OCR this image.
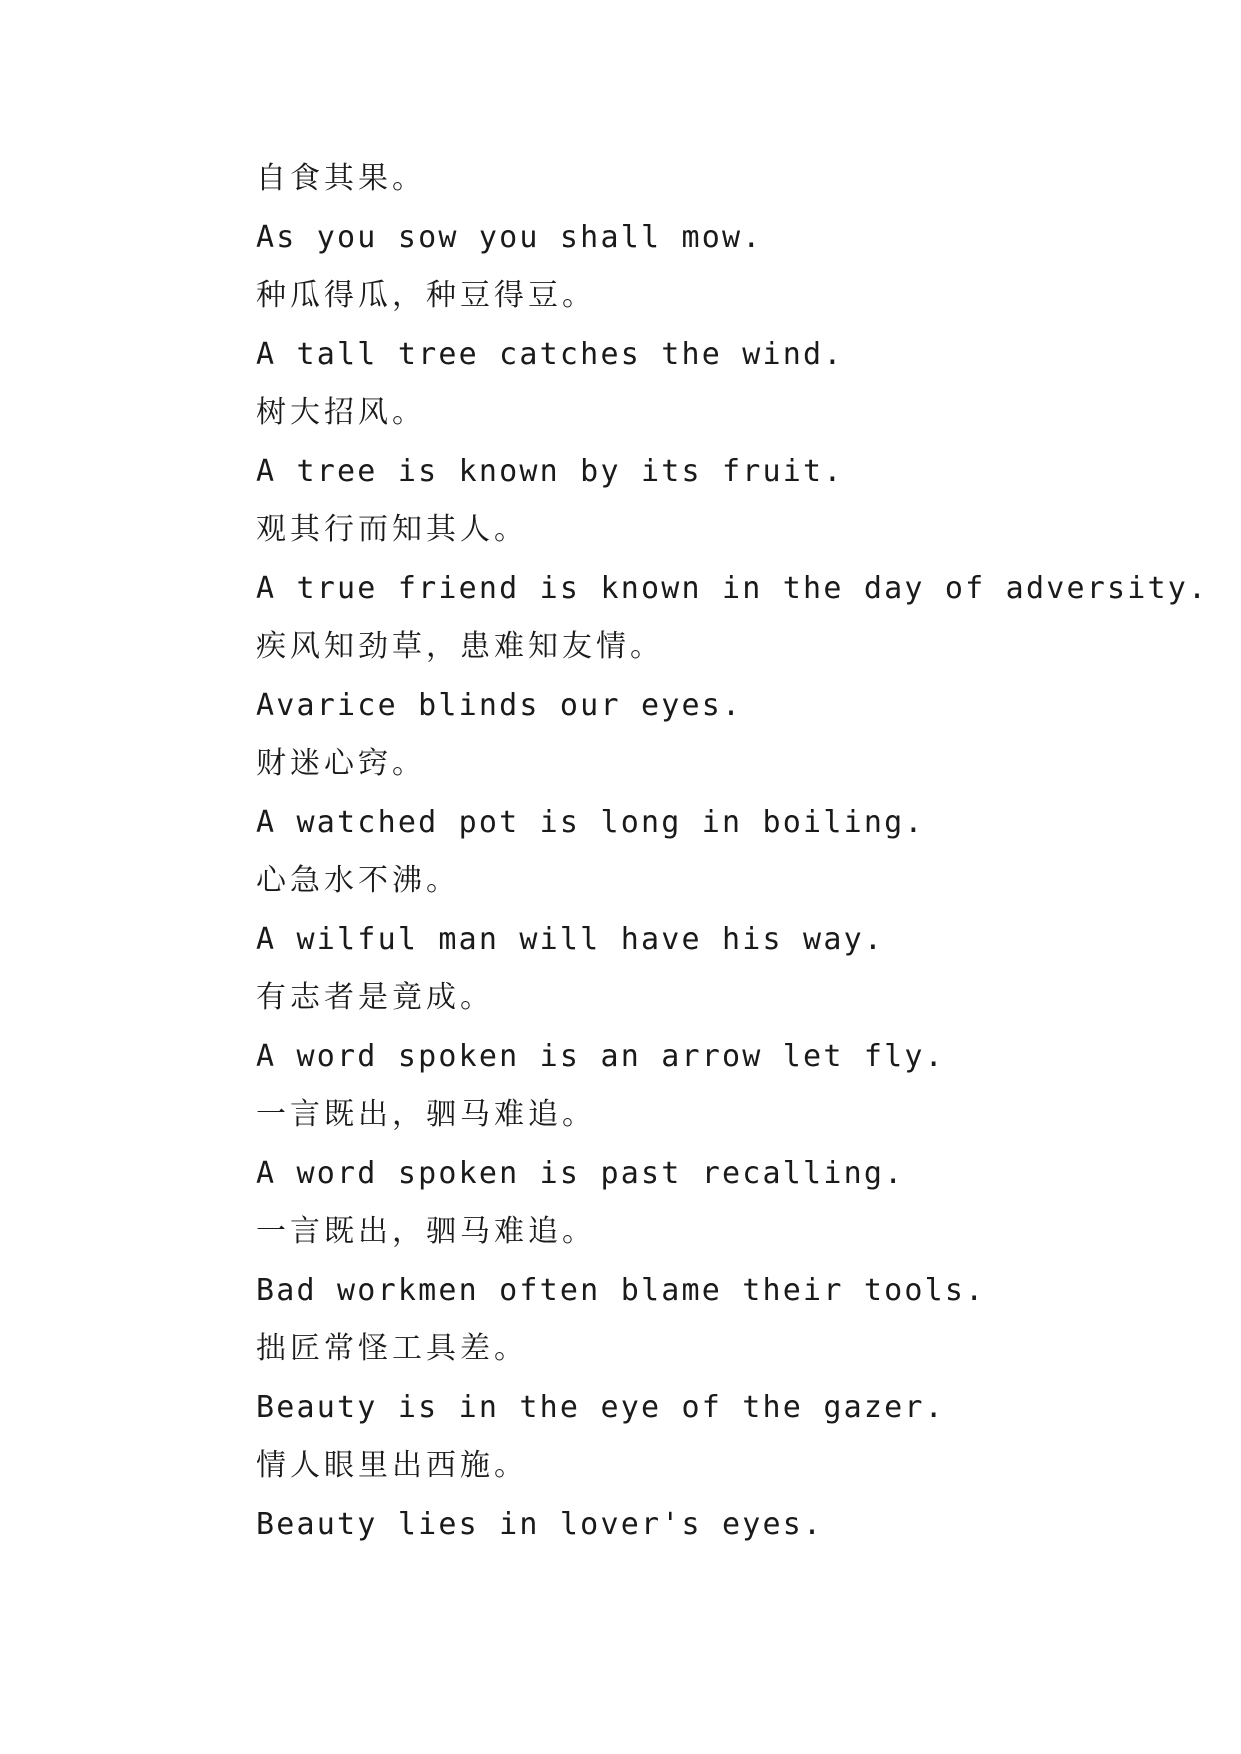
自食其果。
As you sow you shall mow.
种瓜得瓜，种豆得豆。
A tall tree catches the wind.
树大招风。
A tree is known by its fruit.
观其行而知其人。
A true friend is known in the day of adversity.
疾风知劲草，患难知友情。
Avarice blinds our eyes.
财迷心窍。
A watched pot is long in boiling.
心急水不沸。
A wilful man will have his way.
有志者是竟成。
A word spoken is an arrow let fly.
一言既出，驷马难追。
A word spoken is past recalling.
一言既出，驷马难追。
Bad workmen often blame their tools.
拙匠常怪工具差。
Beauty is in the eye of the gazer.
情人眼里出西施。
Beauty lies in lover's eyes.
